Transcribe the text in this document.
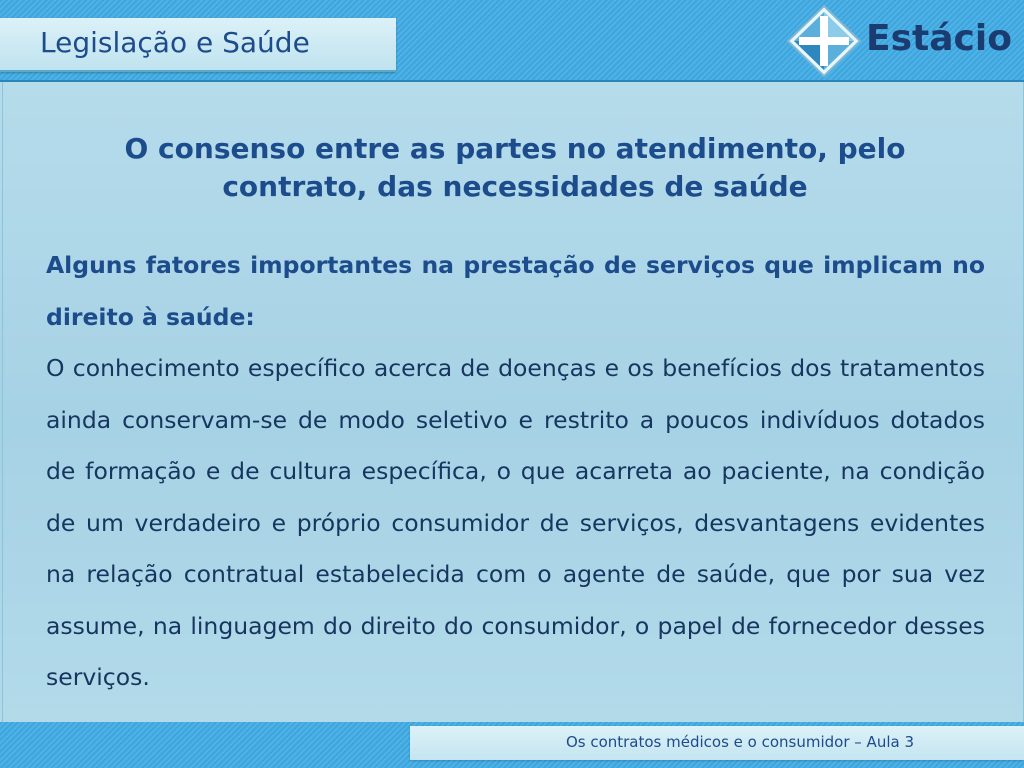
Legislação e Saúde	Estácio
O consenso entre as partes no atendimento, pelo contrato, das necessidades de saúde

Alguns fatores importantes na prestação de serviços que implicam no direito à saúde:

O conhecimento específico acerca de doenças e os benefícios dos tratamentos ainda conservam-se de modo seletivo e restrito a poucos indivíduos dotados de formação e de cultura específica, o que acarreta ao paciente, na condição de um verdadeiro e próprio consumidor de serviços, desvantagens evidentes na relação contratual estabelecida com o agente de saúde, que por sua vez assume, na linguagem do direito do consumidor, o papel de fornecedor desses serviços.

Os contratos médicos e o consumidor – Aula 3
